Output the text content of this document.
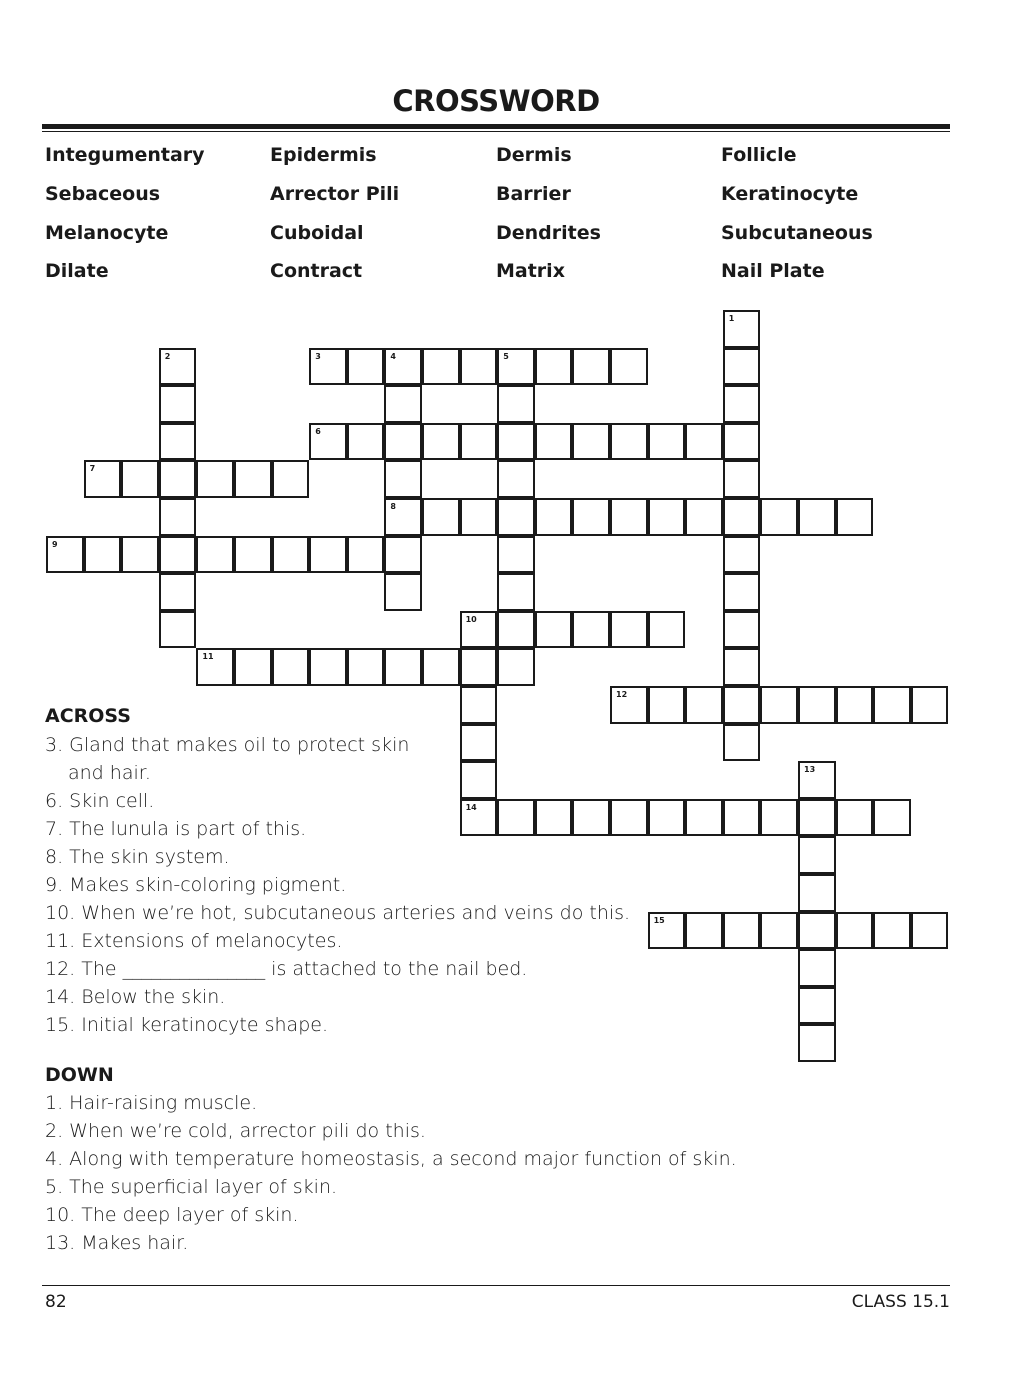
CROSSWORD
Integumentary	Epidermis	Dermis	Follicle
Sebaceous	Arrector Pili	Barrier	Keratinocyte
Melanocyte	Cuboidal	Dendrites	Subcutaneous
Dilate	Contract	Matrix	Nail Plate
3
6
7
8
9
10
11
12
14
15
1
2	4	5
13
ACROSS
3. Gland that makes oil to protect skin
and hair.
6. Skin cell.
7. The lunula is part of this.
8. The skin system.
9. Makes skin-coloring pigment.
10. When we’re hot, subcutaneous arteries and veins do this.
11. Extensions of melanocytes.
12. The _______________ is attached to the nail bed.
14. Below the skin.
15. Initial keratinocyte shape.
DOWN
1. Hair-raising muscle.
2. When we’re cold, arrector pili do this.
4. Along with temperature homeostasis, a second major function of skin.
5. The superficial layer of skin.
10. The deep layer of skin.
13. Makes hair.
82	CLASS 15.1
